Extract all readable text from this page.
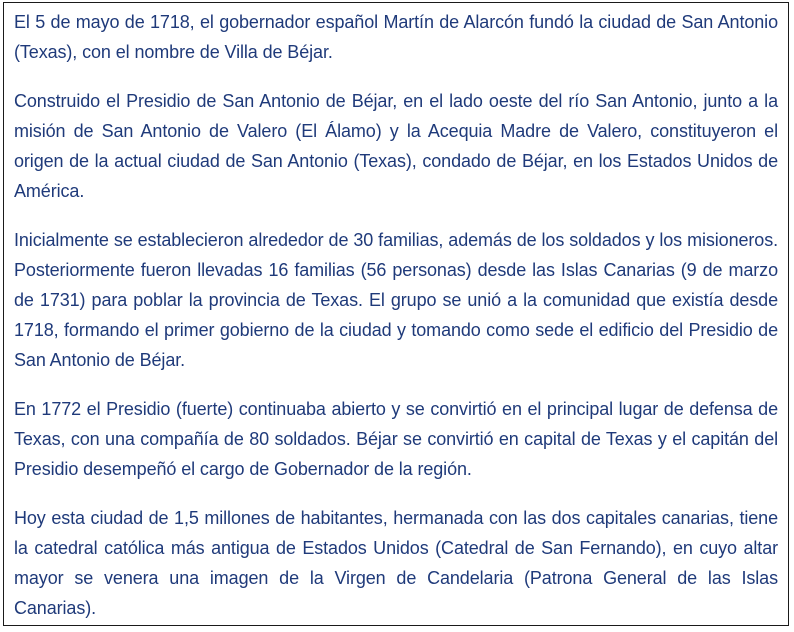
El 5 de mayo de 1718, el gobernador español Martín de Alarcón fundó la ciudad de San Antonio (Texas), con el nombre de Villa de Béjar.

Construido el Presidio de San Antonio de Béjar, en el lado oeste del río San Antonio, junto a la misión de San Antonio de Valero (El Álamo) y la Acequia Madre de Valero, constituyeron el origen de la actual ciudad de San Antonio (Texas), condado de Béjar, en los Estados Unidos de América.

Inicialmente se establecieron alrededor de 30 familias, además de los soldados y los misioneros. Posteriormente fueron llevadas 16 familias (56 personas) desde las Islas Canarias (9 de marzo de 1731) para poblar la provincia de Texas. El grupo se unió a la comunidad que existía desde 1718, formando el primer gobierno de la ciudad y tomando como sede el edificio del Presidio de San Antonio de Béjar.

En 1772 el Presidio (fuerte) continuaba abierto y se convirtió en el principal lugar de defensa de Texas, con una compañía de 80 soldados. Béjar se convirtió en capital de Texas y el capitán del Presidio desempeñó el cargo de Gobernador de la región.

Hoy esta ciudad de 1,5 millones de habitantes, hermanada con las dos capitales canarias, tiene la catedral católica más antigua de Estados Unidos (Catedral de San Fernando), en cuyo altar mayor se venera una imagen de la Virgen de Candelaria (Patrona General de las Islas Canarias).
